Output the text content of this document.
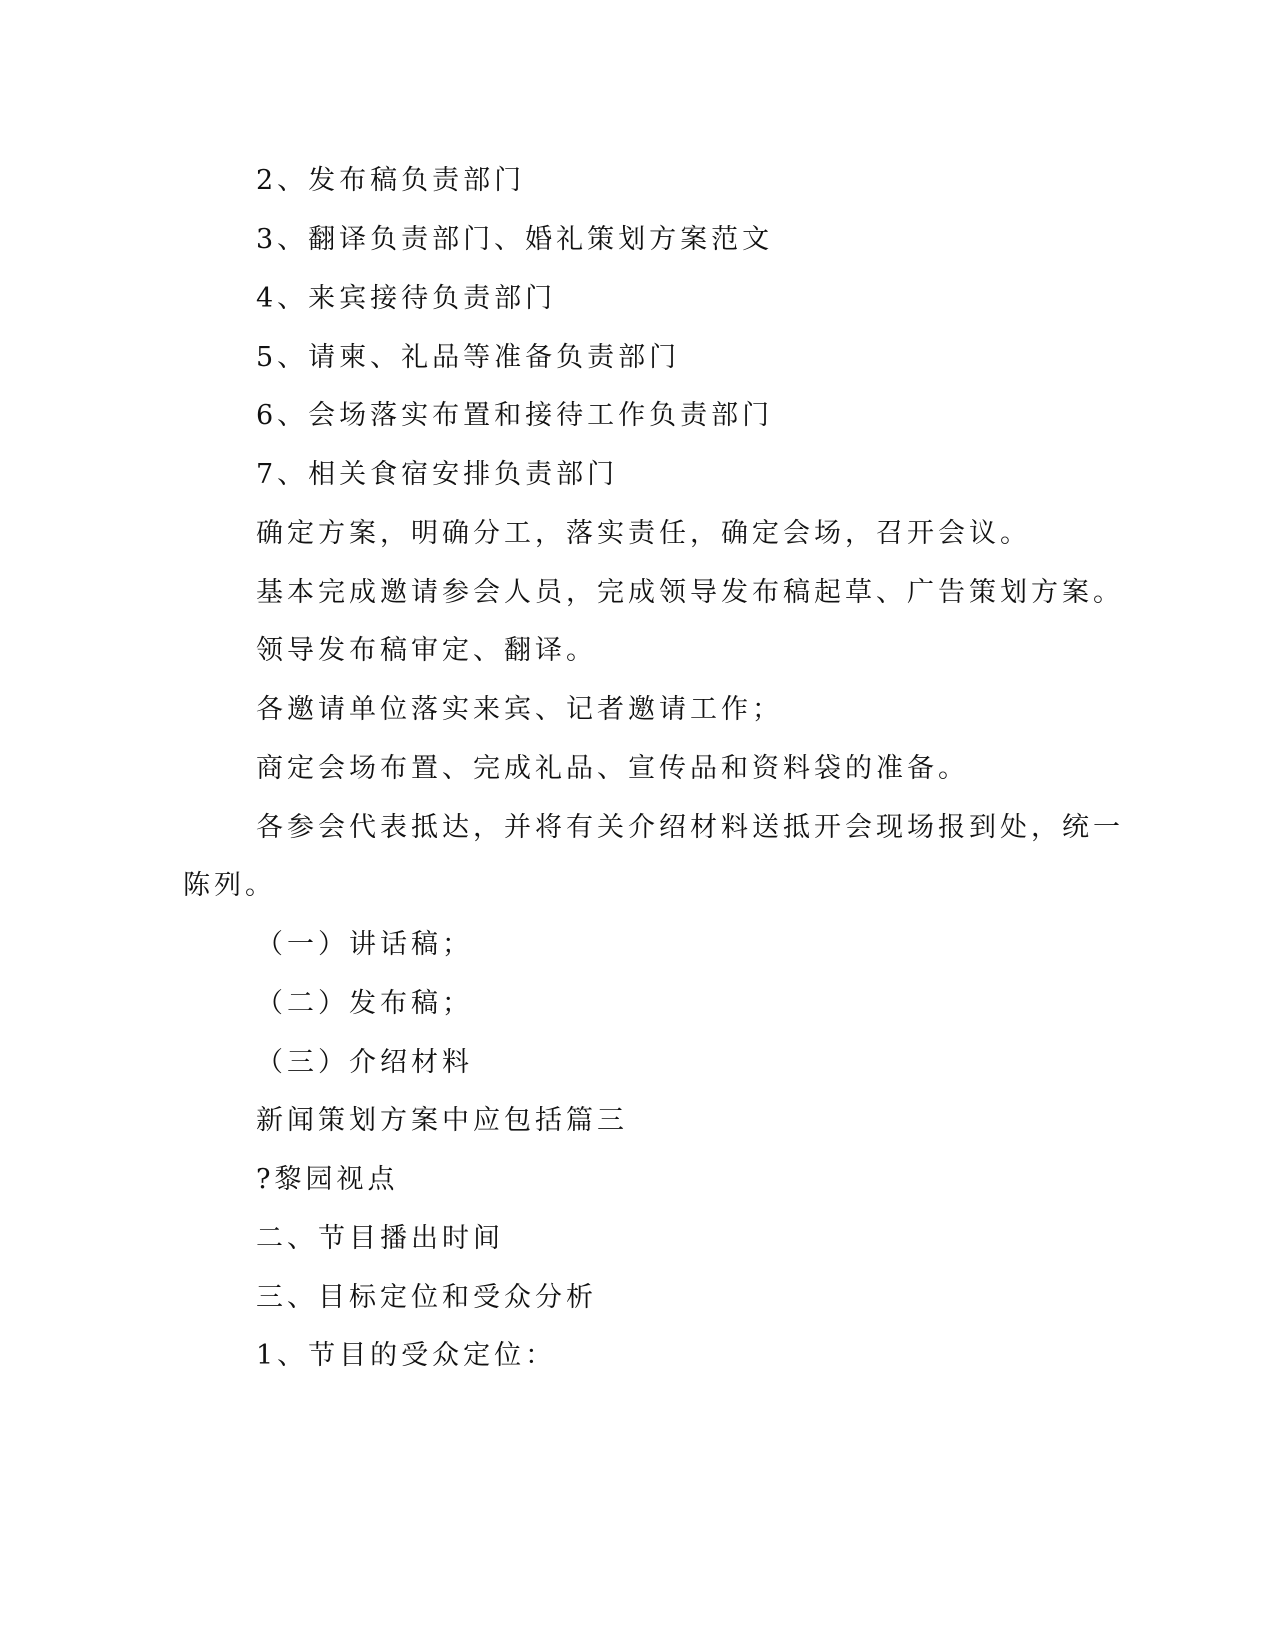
2、发布稿负责部门

3、翻译负责部门、婚礼策划方案范文

4、来宾接待负责部门

5、请柬、礼品等准备负责部门

6、会场落实布置和接待工作负责部门

7、相关食宿安排负责部门

确定方案，明确分工，落实责任，确定会场，召开会议。

基本完成邀请参会人员，完成领导发布稿起草、广告策划方案。

领导发布稿审定、翻译。

各邀请单位落实来宾、记者邀请工作；

商定会场布置、完成礼品、宣传品和资料袋的准备。

各参会代表抵达，并将有关介绍材料送抵开会现场报到处，统一

陈列。

（一）讲话稿；

（二）发布稿；

（三）介绍材料

新闻策划方案中应包括篇三

?黎园视点

二、节目播出时间

三、目标定位和受众分析

1、节目的受众定位：
